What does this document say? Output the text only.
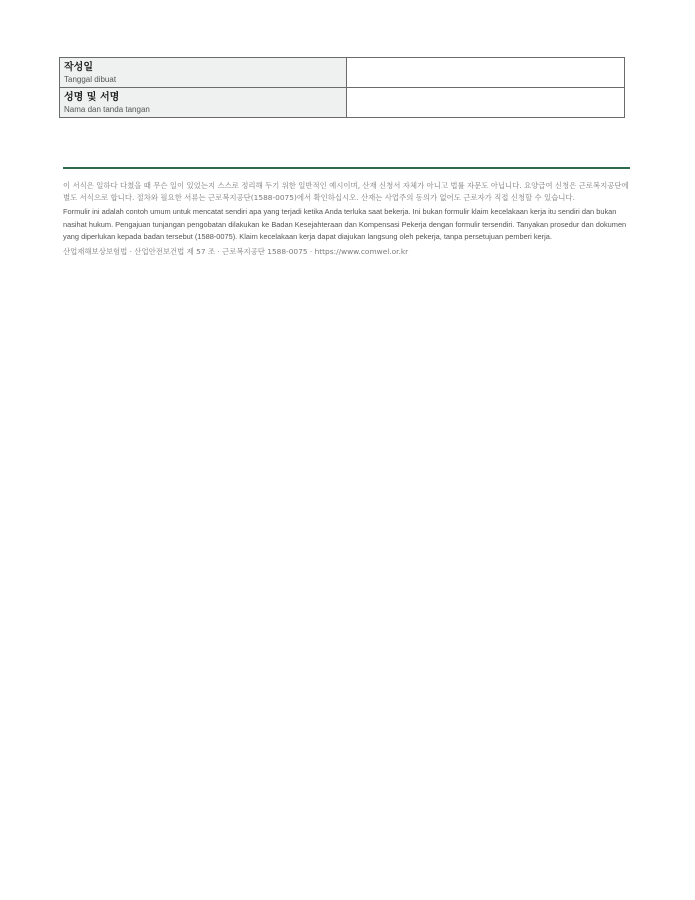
작성일
Tanggal dibuat	

성명 및 서명
Nama dan tanda tangan	

이 서식은 일하다 다쳤을 때 무슨 일이 있었는지 스스로 정리해 두기 위한 일반적인 예시이며, 산재 신청서 자체가 아니고 법률 자문도 아닙니다. 요양급여 신청은 근로복지공단에 별도 서식으로 합니다. 절차와 필요한 서류는 근로복지공단(1588-0075)에서 확인하십시오. 산재는 사업주의 동의가 없어도 근로자가 직접 신청할 수 있습니다.

Formulir ini adalah contoh umum untuk mencatat sendiri apa yang terjadi ketika Anda terluka saat bekerja. Ini bukan formulir klaim kecelakaan kerja itu sendiri dan bukan nasihat hukum. Pengajuan tunjangan pengobatan dilakukan ke Badan Kesejahteraan dan Kompensasi Pekerja dengan formulir tersendiri. Tanyakan prosedur dan dokumen yang diperlukan kepada badan tersebut (1588-0075). Klaim kecelakaan kerja dapat diajukan langsung oleh pekerja, tanpa persetujuan pemberi kerja.

산업재해보상보험법 · 산업안전보건법 제 57 조 · 근로복지공단 1588-0075 · https://www.comwel.or.kr
